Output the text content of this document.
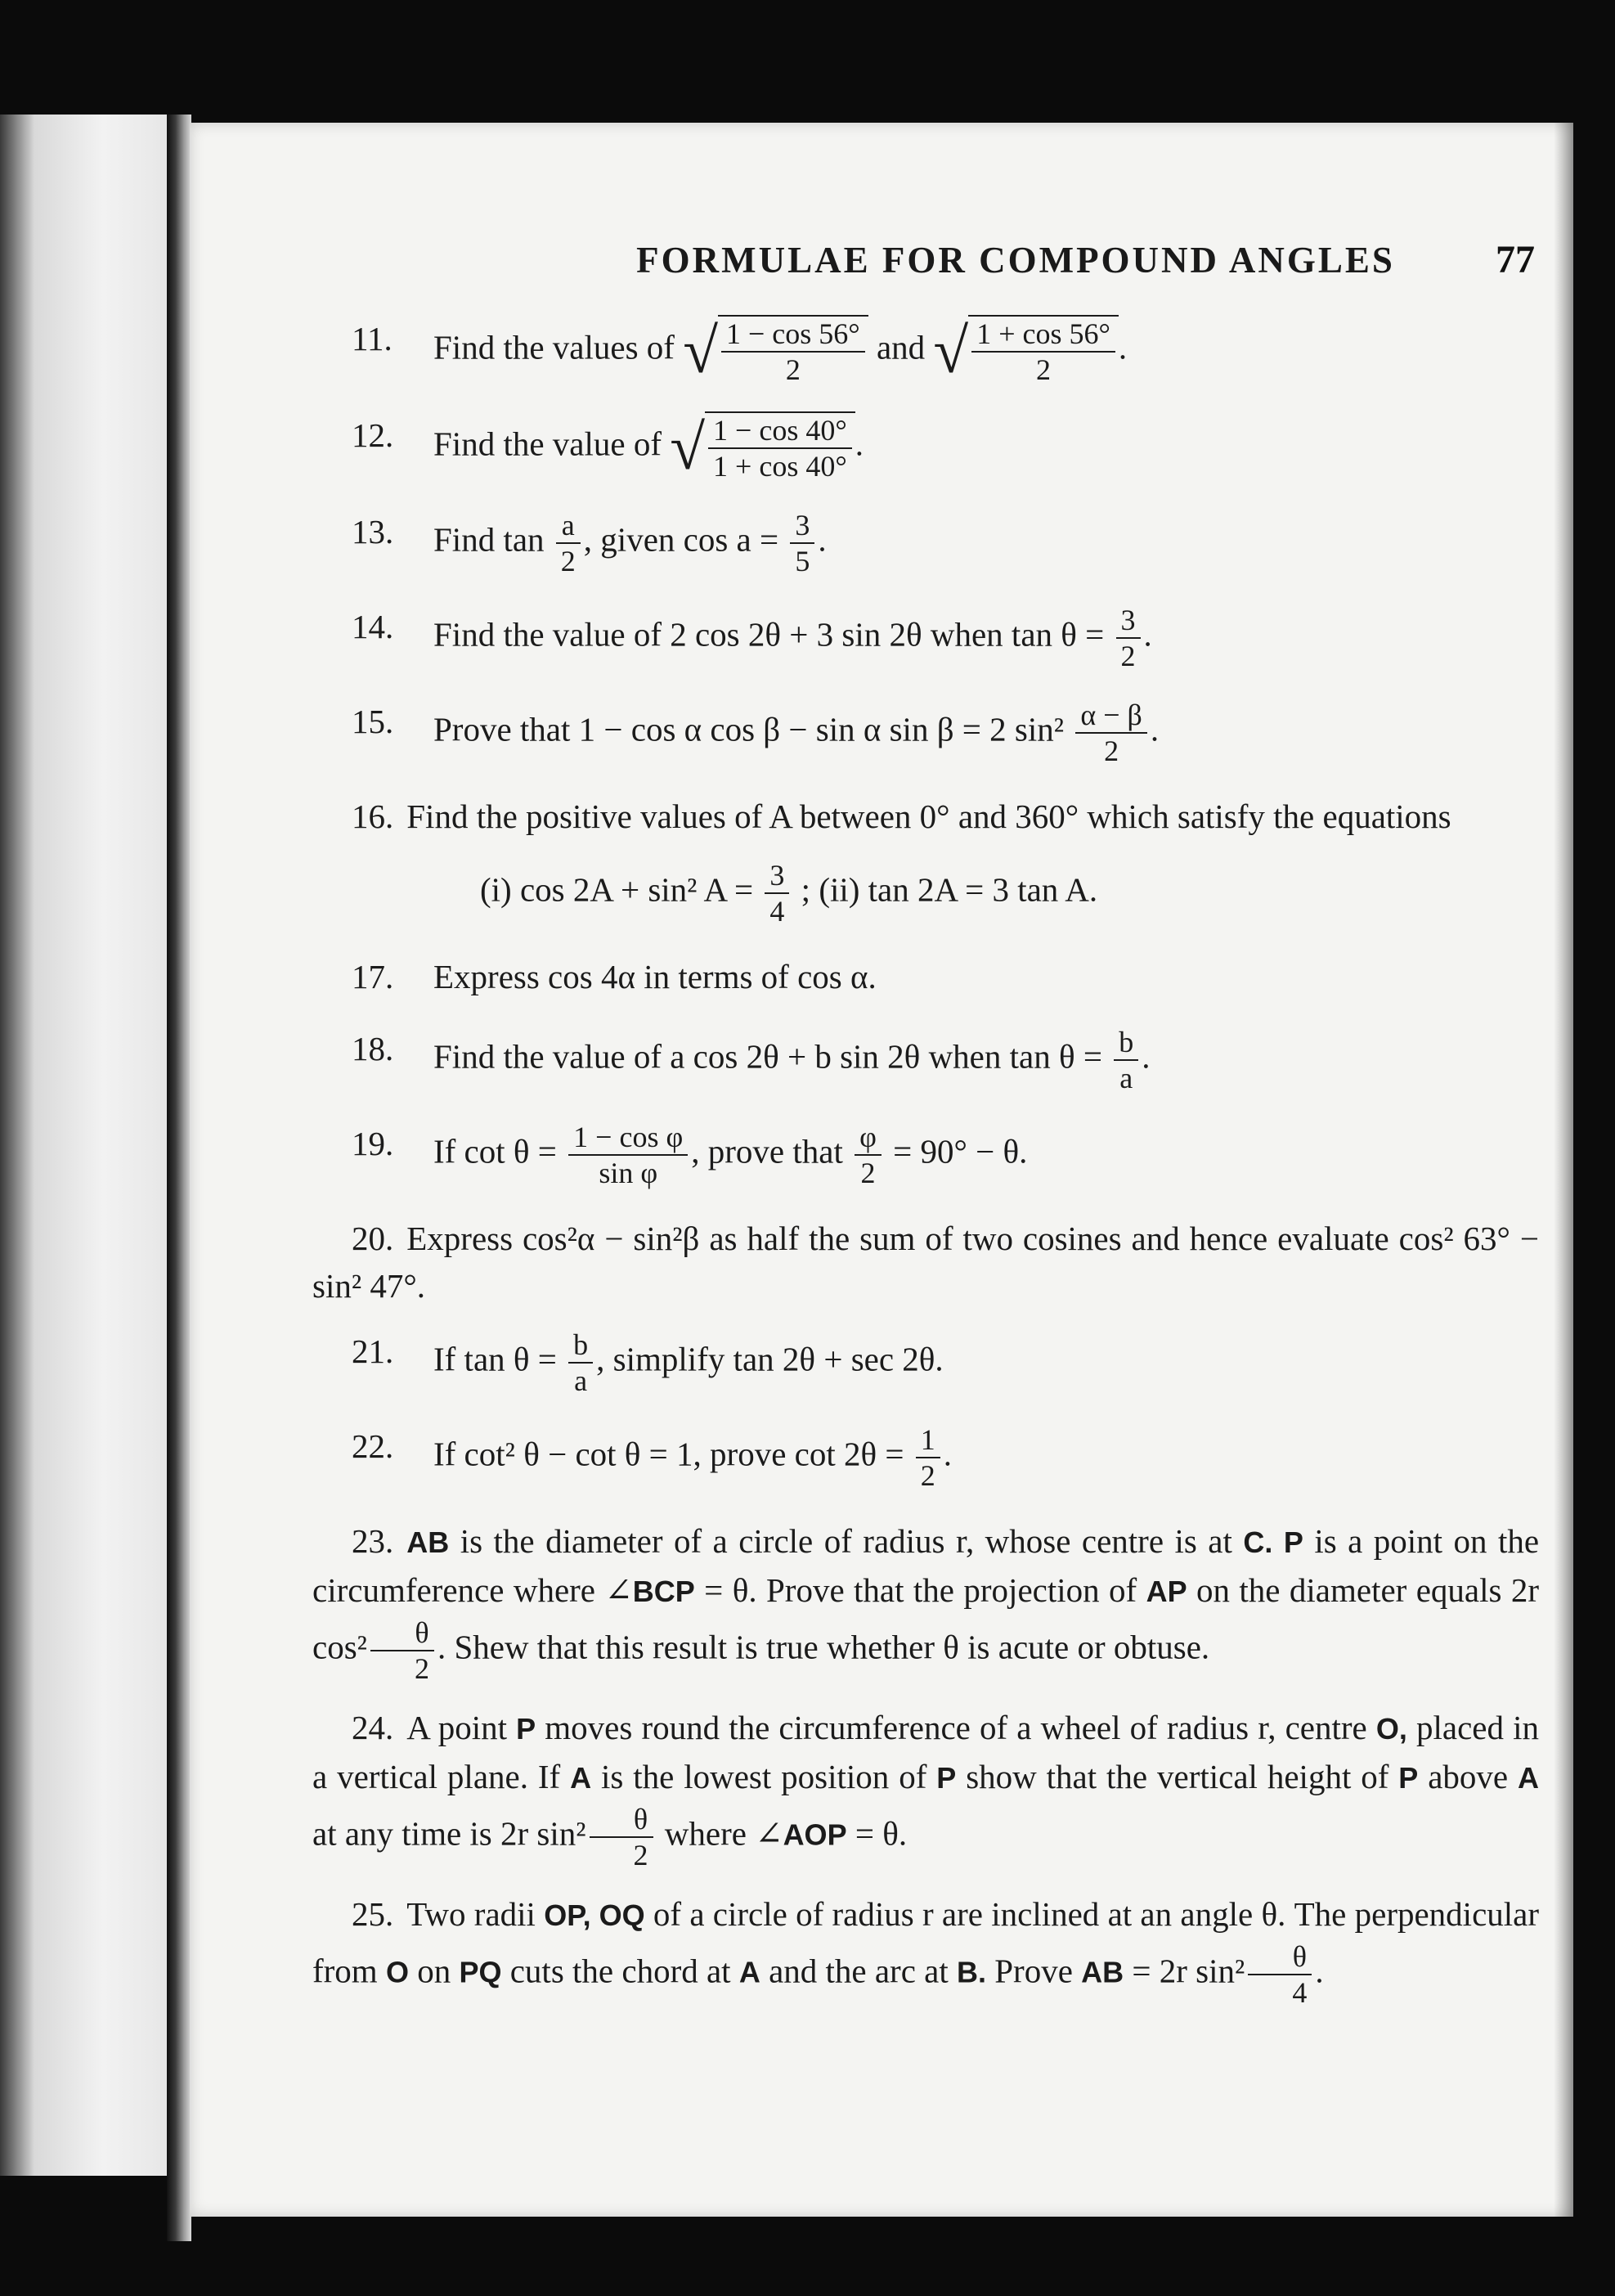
FORMULAE FOR COMPOUND ANGLES	77
11. Find the values of √ $\frac{1 - \cos 56^\circ}{2}$ and √ $\frac{1 + \cos 56^\circ}{2}$ .
12. Find the value of √ $\frac{1 - \cos 40^\circ}{1 + \cos 40^\circ}$ .
13. Find $\tan \frac{a}{2}$ , given $\cos a = \frac{3}{5}$ .
14. Find the value of 2 cos 2θ + 3 sin 2θ when $\tan \theta = \frac{3}{2}$ .
15. Prove that 1 − cos α cos β − sin α sin β = 2 $\sin^2 \frac{\alpha - \beta}{2}$ .
16. Find the positive values of A between 0° and 360° which satisfy the equations
(i) cos 2A + sin² $A = \frac{3}{4}$ ; (ii) tan 2A = 3 tan A.
17. Express cos 4α in terms of cos α.
18. Find the value of a cos 2θ + b sin 2θ when $\tan \theta = \frac{b}{a}$ .
19. If $\cot \theta = \frac{\text{1 − cos φ}}{\text{sin φ}}$ , prove that $\frac{\varphi}{2} = 90^\circ - \theta$.
20. Express cos²α − sin²β as half the sum of two cosines and hence evaluate cos² 63° − sin² 47°.
21. If $\tan \theta = \frac{b}{a}$ , simplify tan 2θ + sec 2θ.
22. If cot² θ − cot θ = 1, prove $\cot 2\theta = \frac{1}{2}$ .
23. AB is the diameter of a circle of radius r, whose centre is at C. P is a point on the circumference where ∠BCP = θ. Prove that the projection of AP on the diameter equals 2r $\cos^2 \frac{\theta}{2}$ . Shew that this result is true whether θ is acute or obtuse.
24. A point P moves round the circumference of a wheel of radius r, centre O, placed in a vertical plane. If A is the lowest position of P show that the vertical height of P above A at any time is 2r $\sin^2 \frac{\theta}{2}$ where ∠AOP = θ.
25. Two radii OP, OQ of a circle of radius r are inclined at an angle θ. The perpendicular from O on PQ cuts the chord at A and the arc at B. Prove AB = 2r $\sin^2 \frac{\theta}{4}$ .
